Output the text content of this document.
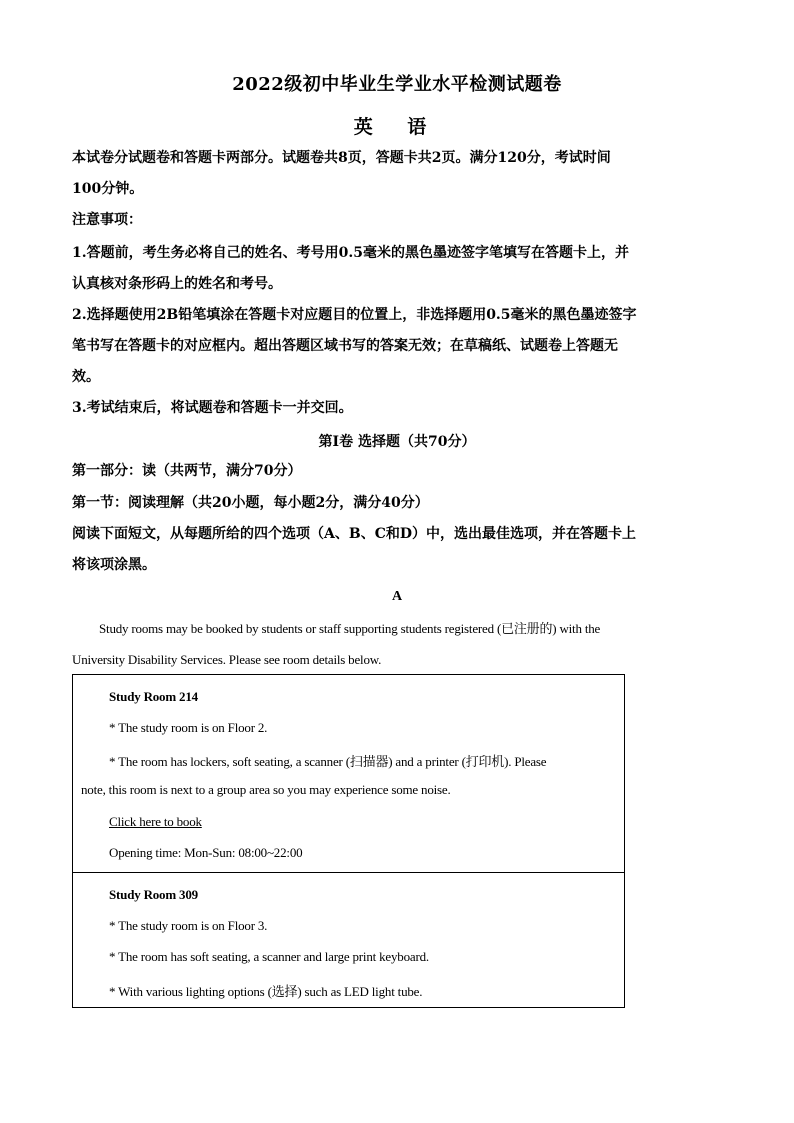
2022级初中毕业生学业水平检测试题卷
英 语

本试卷分试题卷和答题卡两部分。试题卷共8页，答题卡共2页。满分120分，考试时间

100分钟。

注意事项：

1.答题前，考生务必将自己的姓名、考号用0.5毫米的黑色墨迹签字笔填写在答题卡上，并

认真核对条形码上的姓名和考号。

2.选择题使用2B铅笔填涂在答题卡对应题目的位置上，非选择题用0.5毫米的黑色墨迹签字

笔书写在答题卡的对应框内。超出答题区域书写的答案无效；在草稿纸、试题卷上答题无

效。

3.考试结束后，将试题卷和答题卡一并交回。

第Ⅰ卷 选择题（共70分）

第一部分：读（共两节，满分70分）

第一节：阅读理解（共20小题，每小题2分，满分40分）

阅读下面短文，从每题所给的四个选项（A、B、C和D）中，选出最佳选项，并在答题卡上

将该项涂黑。

A

Study rooms may be booked by students or staff supporting students registered (已注册的) with the

University Disability Services. Please see room details below.

Study Room 214
* The study room is on Floor 2.
* The room has lockers, soft seating, a scanner (扫描器) and a printer (打印机). Please
note, this room is next to a group area so you may experience some noise.
Click here to book
Opening time: Mon-Sun: 08:00~22:00
Study Room 309
* The study room is on Floor 3.
* The room has soft seating, a scanner and large print keyboard.
* With various lighting options (选择) such as LED light tube.
